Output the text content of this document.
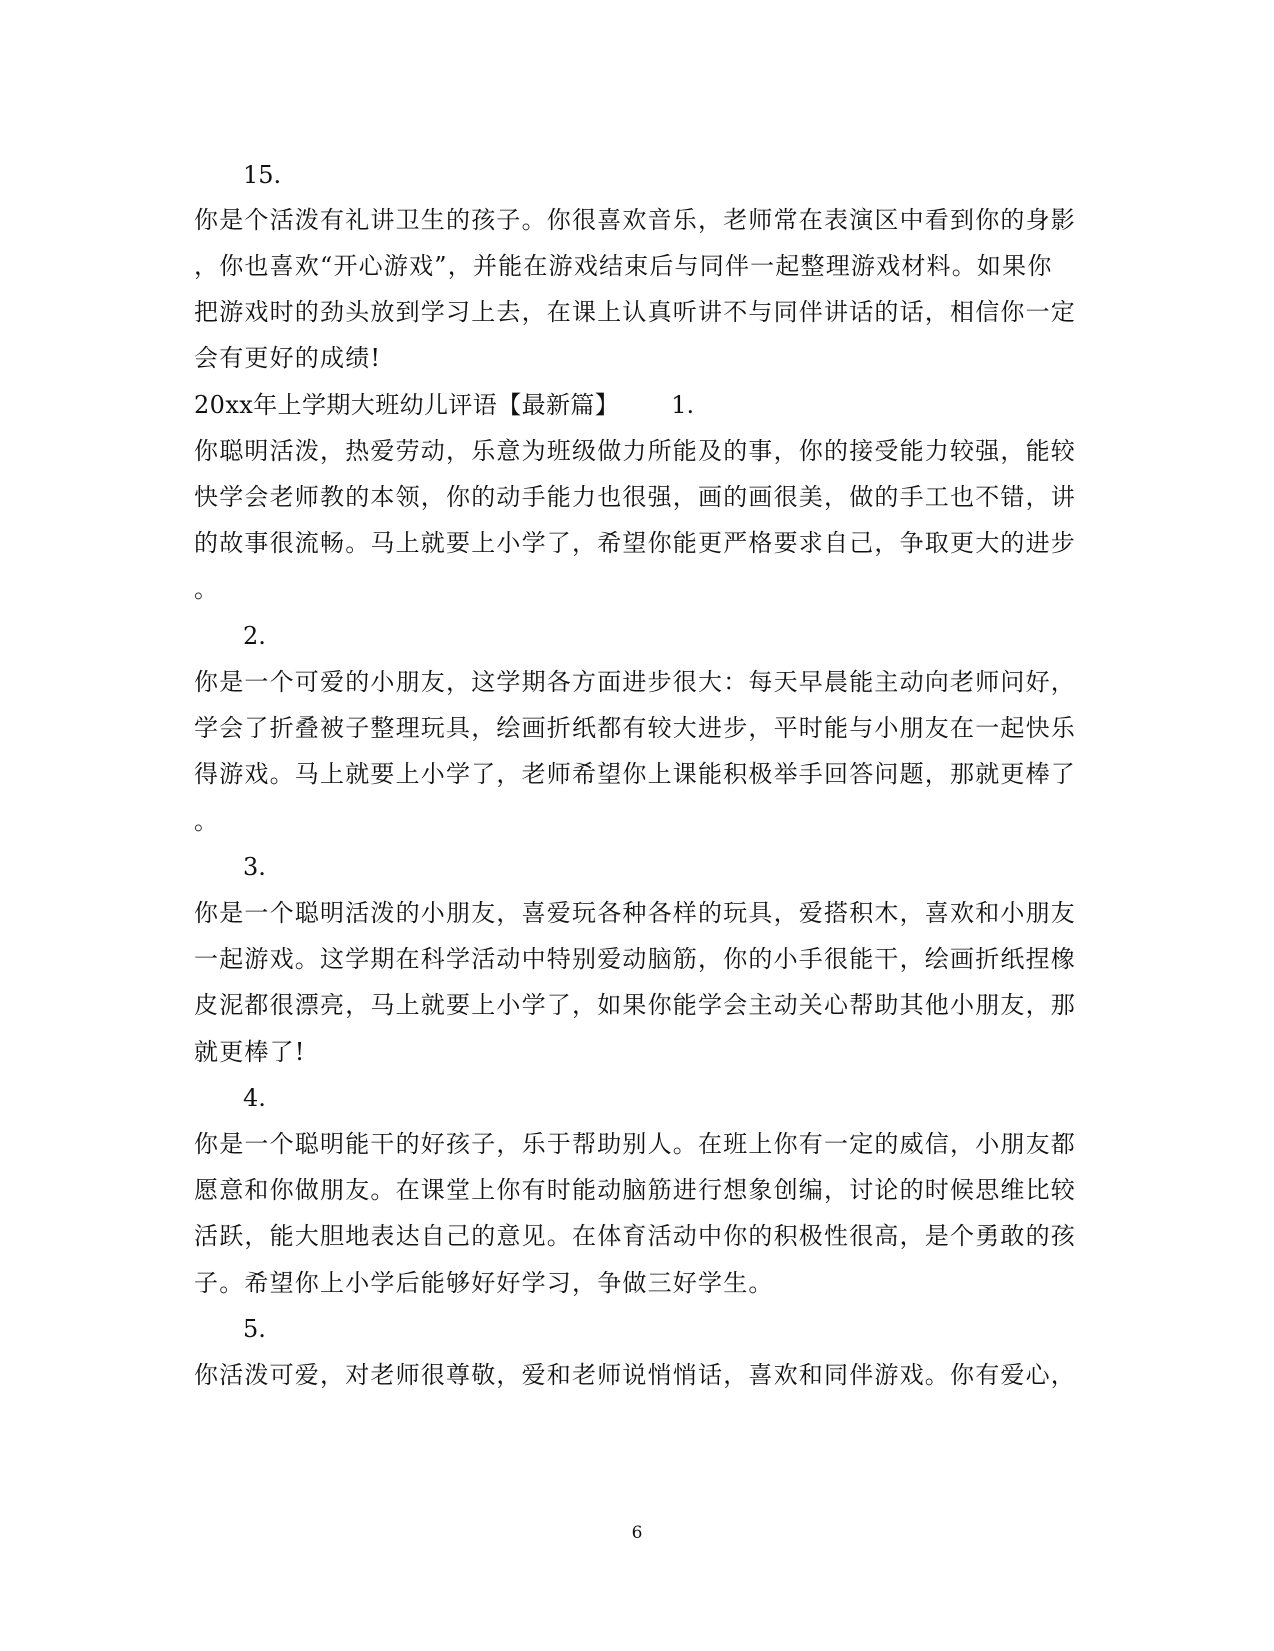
15.
你是个活泼有礼讲卫生的孩子。你很喜欢音乐，老师常在表演区中看到你的身影
，你也喜欢“开心游戏”，并能在游戏结束后与同伴一起整理游戏材料。如果你
把游戏时的劲头放到学习上去，在课上认真听讲不与同伴讲话的话，相信你一定
会有更好的成绩!
20xx年上学期大班幼儿评语【最新篇】 1.
你聪明活泼，热爱劳动，乐意为班级做力所能及的事，你的接受能力较强，能较
快学会老师教的本领，你的动手能力也很强，画的画很美，做的手工也不错，讲
的故事很流畅。马上就要上小学了，希望你能更严格要求自己，争取更大的进步
。
2.
你是一个可爱的小朋友，这学期各方面进步很大：每天早晨能主动向老师问好，
学会了折叠被子整理玩具，绘画折纸都有较大进步，平时能与小朋友在一起快乐
得游戏。马上就要上小学了，老师希望你上课能积极举手回答问题，那就更棒了
。
3.
你是一个聪明活泼的小朋友，喜爱玩各种各样的玩具，爱搭积木，喜欢和小朋友
一起游戏。这学期在科学活动中特别爱动脑筋，你的小手很能干，绘画折纸捏橡
皮泥都很漂亮，马上就要上小学了，如果你能学会主动关心帮助其他小朋友，那
就更棒了!
4.
你是一个聪明能干的好孩子，乐于帮助别人。在班上你有一定的威信，小朋友都
愿意和你做朋友。在课堂上你有时能动脑筋进行想象创编，讨论的时候思维比较
活跃，能大胆地表达自己的意见。在体育活动中你的积极性很高，是个勇敢的孩
子。希望你上小学后能够好好学习，争做三好学生。
5.
你活泼可爱，对老师很尊敬，爱和老师说悄悄话，喜欢和同伴游戏。你有爱心，
6
